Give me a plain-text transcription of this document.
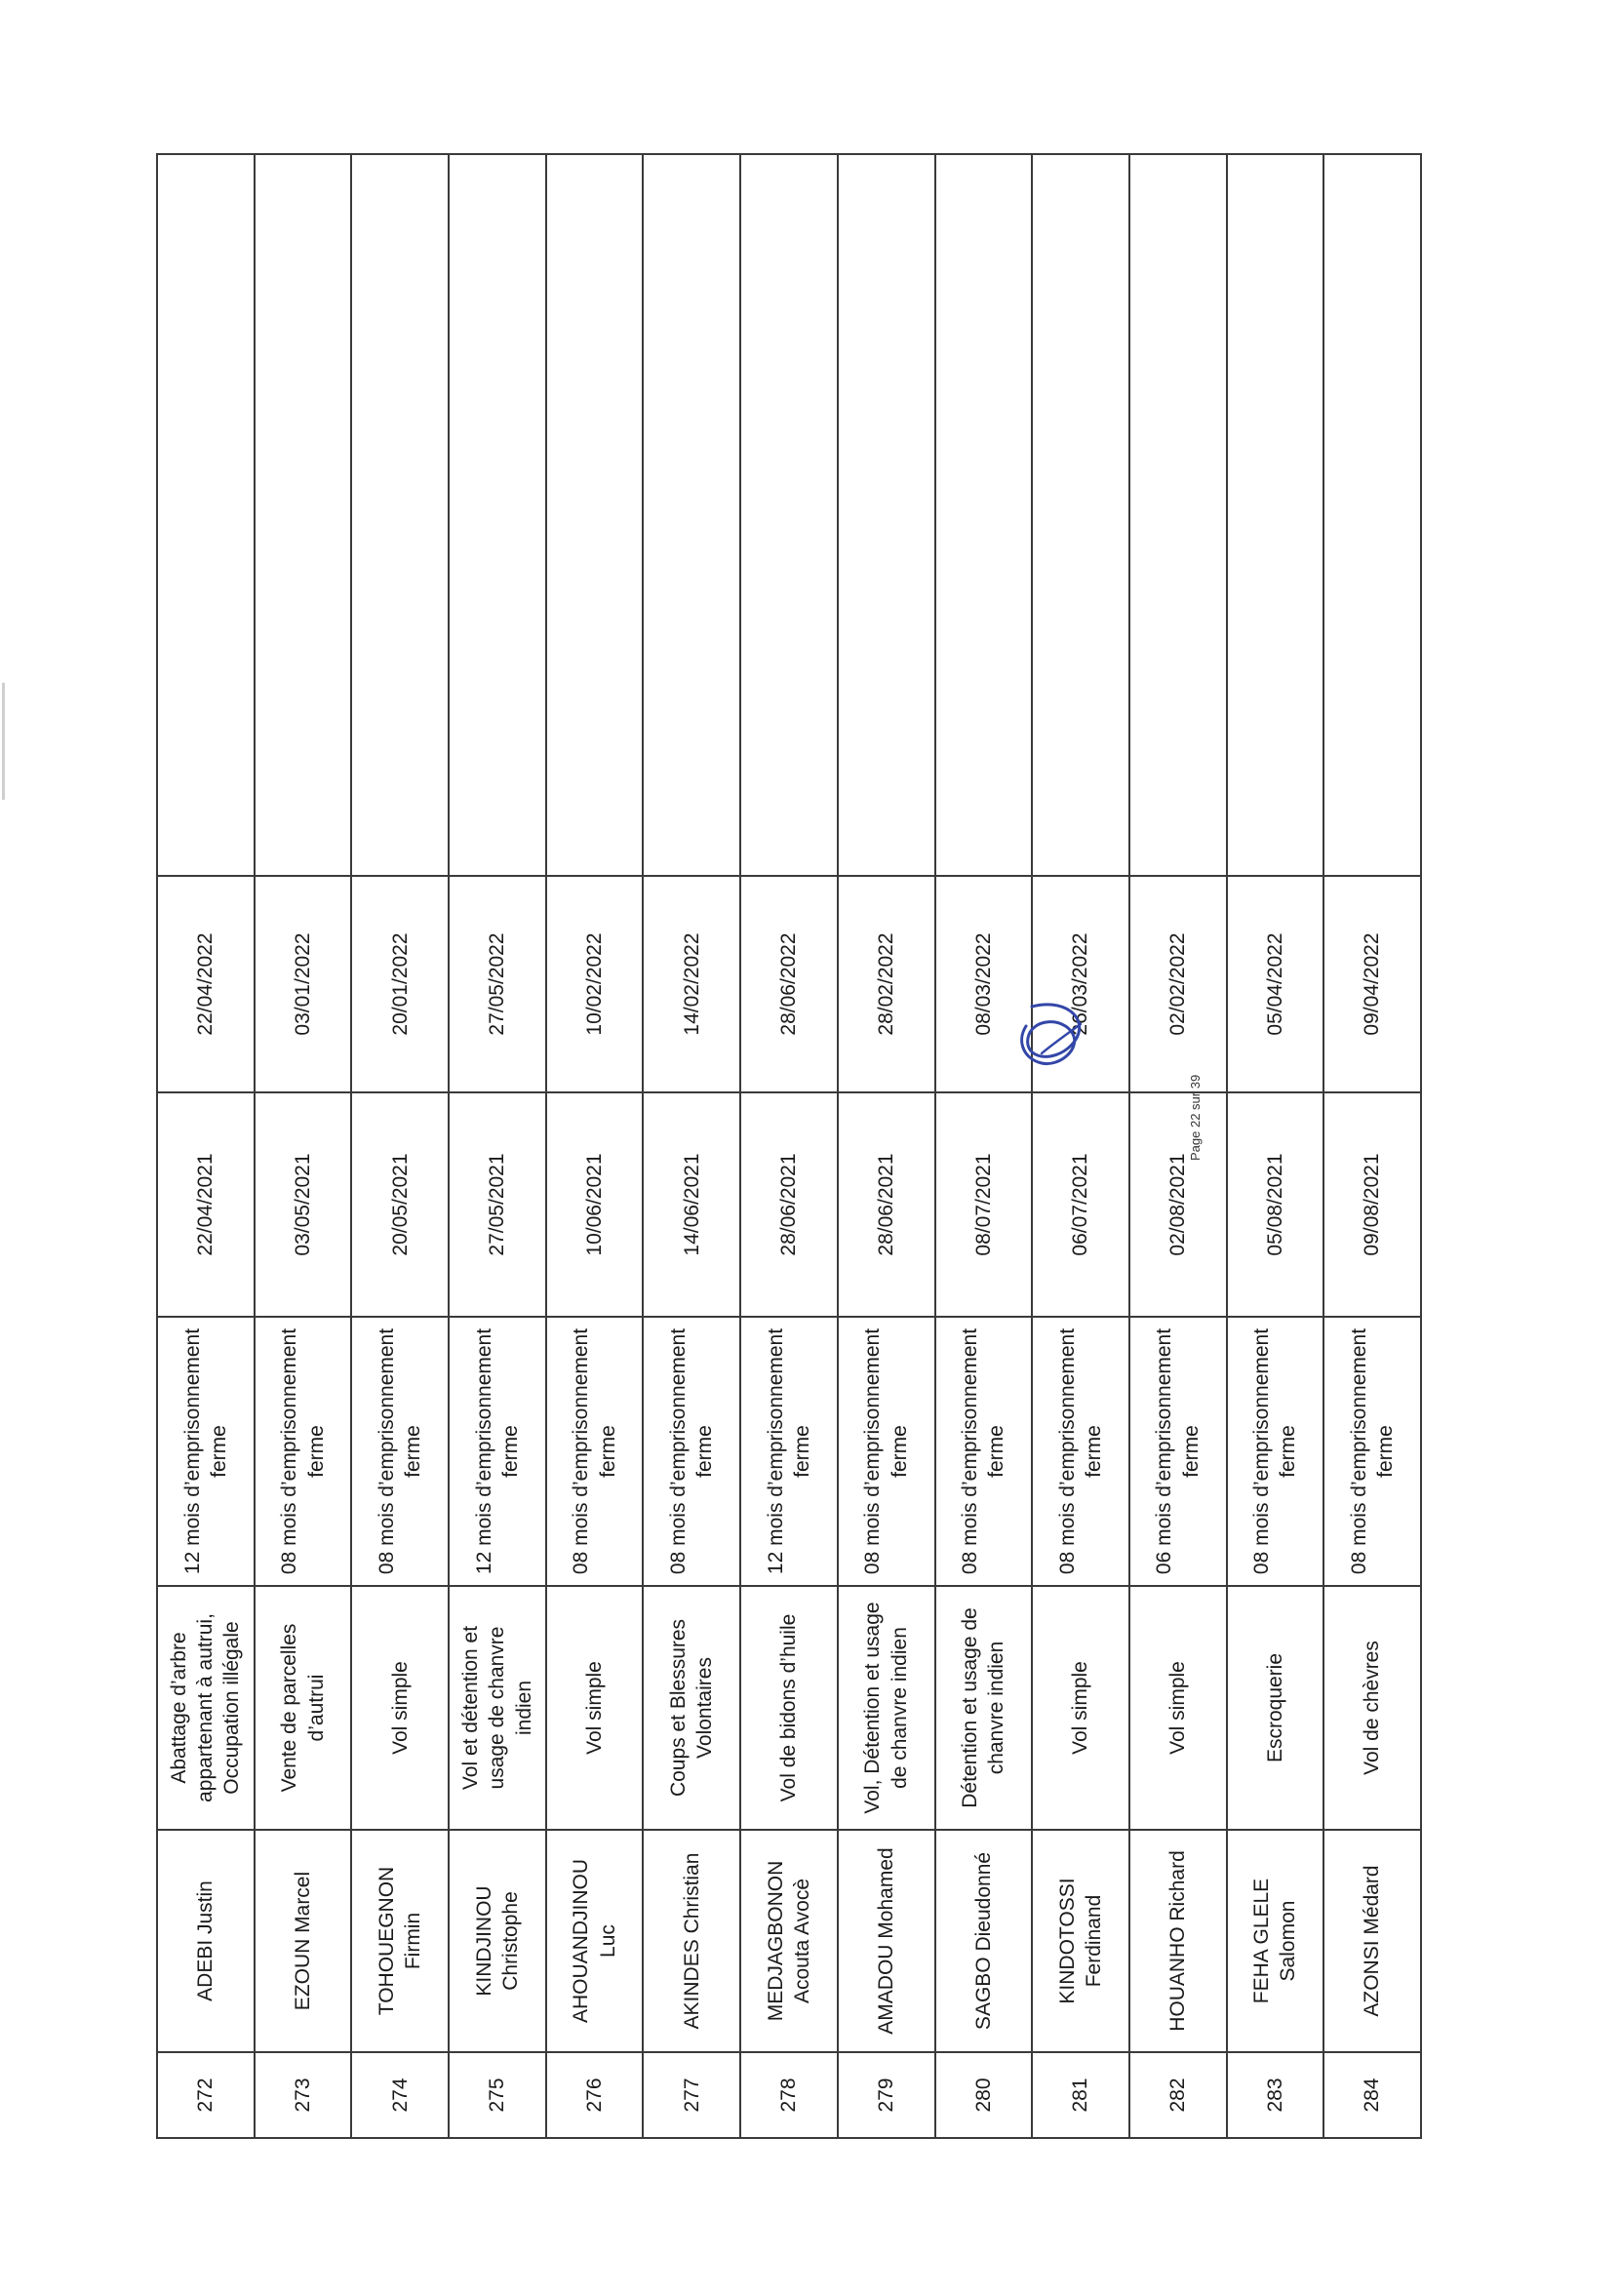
272	ADEBI Justin	Abattage d’arbre appartenant à autrui, Occupation illégale	12 mois d’emprisonnement ferme	22/04/2021	22/04/2022	
273	EZOUN Marcel	Vente de parcelles d’autrui	08 mois d’emprisonnement ferme	03/05/2021	03/01/2022	
274	TOHOUEGNON Firmin	Vol simple	08 mois d’emprisonnement ferme	20/05/2021	20/01/2022	
275	KINDJINOU Christophe	Vol et détention et usage de chanvre indien	12 mois d’emprisonnement ferme	27/05/2021	27/05/2022	
276	AHOUANDJINOU Luc	Vol simple	08 mois d’emprisonnement ferme	10/06/2021	10/02/2022	
277	AKINDES Christian	Coups et Blessures Volontaires	08 mois d’emprisonnement ferme	14/06/2021	14/02/2022	
278	MEDJAGBONON Acouta Avocè	Vol de bidons d’huile	12 mois d’emprisonnement ferme	28/06/2021	28/06/2022	
279	AMADOU Mohamed	Vol, Détention et usage de chanvre indien	08 mois d’emprisonnement ferme	28/06/2021	28/02/2022	
280	SAGBO Dieudonné	Détention et usage de chanvre indien	08 mois d’emprisonnement ferme	08/07/2021	08/03/2022	
281	KINDOTOSSI Ferdinand	Vol simple	08 mois d’emprisonnement ferme	06/07/2021	26/03/2022	
282	HOUANHO Richard	Vol simple	06 mois d’emprisonnement ferme	02/08/2021	02/02/2022	
283	FEHA GLELE Salomon	Escroquerie	08 mois d’emprisonnement ferme	05/08/2021	05/04/2022	
284	AZONSI Médard	Vol de chèvres	08 mois d’emprisonnement ferme	09/08/2021	09/04/2022	
Page 22 sur 39
